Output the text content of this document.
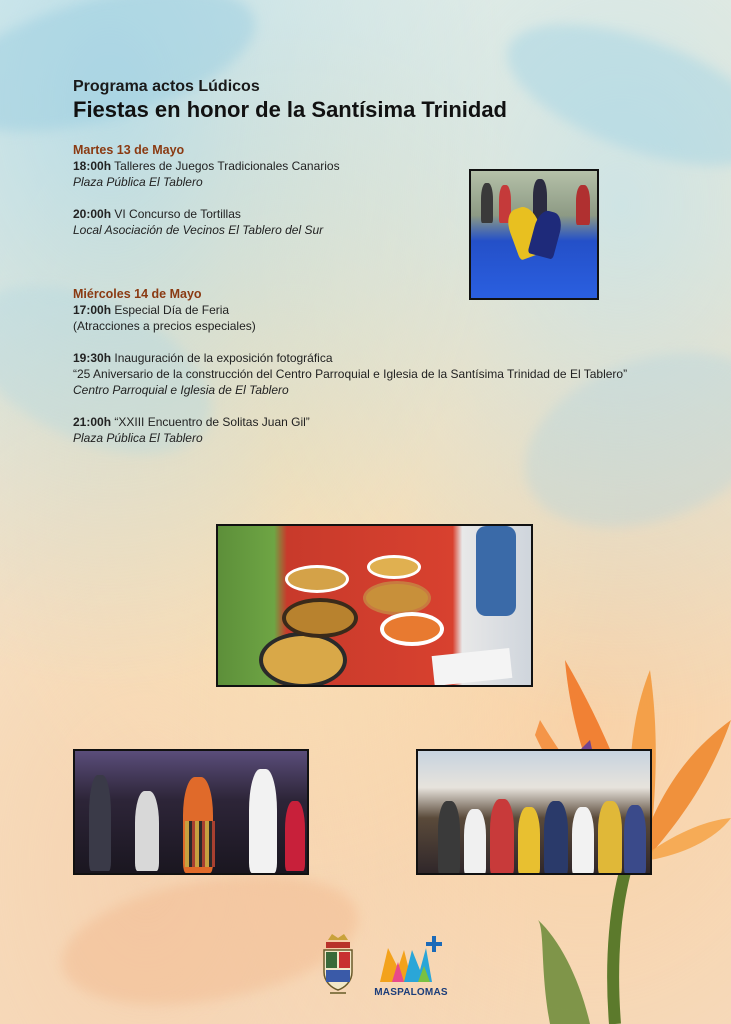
Programa actos Lúdicos
Fiestas en honor de la Santísima Trinidad
Martes 13 de Mayo
18:00h Talleres de Juegos Tradicionales Canarios
Plaza Pública El Tablero
20:00h VI Concurso de Tortillas
Local Asociación de Vecinos El Tablero del Sur
Miércoles 14 de Mayo
17:00h Especial Día de Feria
(Atracciones a precios especiales)
19:30h Inauguración de la exposición fotográfica
“25 Aniversario de la construcción del Centro Parroquial e Iglesia de la Santísima Trinidad de El Tablero”
Centro Parroquial e Iglesia de El Tablero
21:00h “XXIII Encuentro de Solitas Juan Gil”
Plaza Pública El Tablero
MASPALOMAS
